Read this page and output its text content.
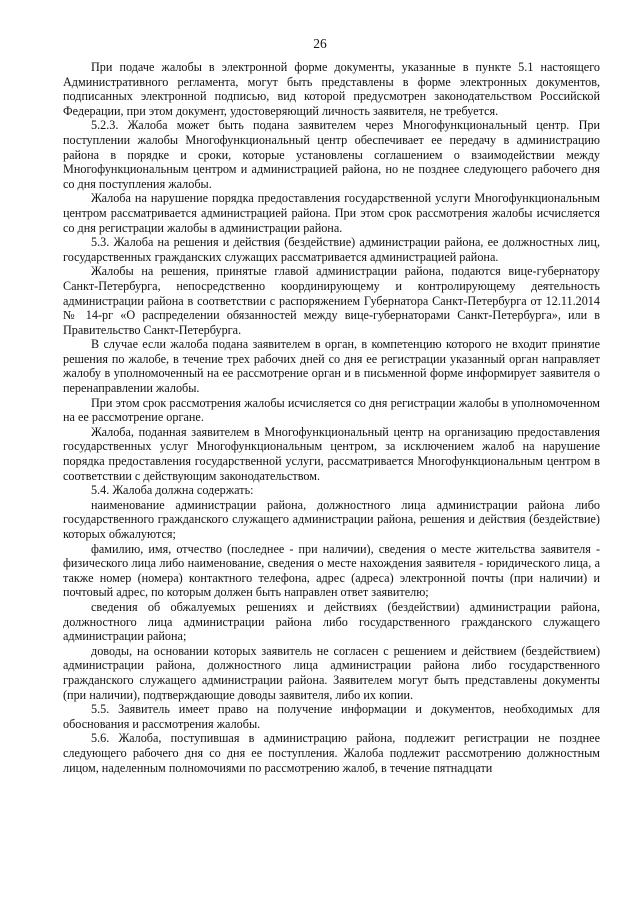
26

При подаче жалобы в электронной форме документы, указанные в пункте 5.1 настоящего Административного регламента, могут быть представлены в форме электронных документов, подписанных электронной подписью, вид которой предусмотрен законодательством Российской Федерации, при этом документ, удостоверяющий личность заявителя, не требуется.

5.2.3. Жалоба может быть подана заявителем через Многофункциональный центр. При поступлении жалобы Многофункциональный центр обеспечивает ее передачу в администрацию района в порядке и сроки, которые установлены соглашением о взаимодействии между Многофункциональным центром и администрацией района, но не позднее следующего рабочего дня со дня поступления жалобы.

Жалоба на нарушение порядка предоставления государственной услуги Многофункциональным центром рассматривается администрацией района. При этом срок рассмотрения жалобы исчисляется со дня регистрации жалобы в администрации района.

5.3. Жалоба на решения и действия (бездействие) администрации района, ее должностных лиц, государственных гражданских служащих рассматривается администрацией района.

Жалобы на решения, принятые главой администрации района, подаются вице-губернатору Санкт-Петербурга, непосредственно координирующему и контролирующему деятельность администрации района в соответствии с распоряжением Губернатора Санкт-Петербурга от 12.11.2014 № 14-рг «О распределении обязанностей между вице-губернаторами Санкт-Петербурга», или в Правительство Санкт-Петербурга.

В случае если жалоба подана заявителем в орган, в компетенцию которого не входит принятие решения по жалобе, в течение трех рабочих дней со дня ее регистрации указанный орган направляет жалобу в уполномоченный на ее рассмотрение орган и в письменной форме информирует заявителя о перенаправлении жалобы.

При этом срок рассмотрения жалобы исчисляется со дня регистрации жалобы в уполномоченном на ее рассмотрение органе.

Жалоба, поданная заявителем в Многофункциональный центр на организацию предоставления государственных услуг Многофункциональным центром, за исключением жалоб на нарушение порядка предоставления государственной услуги, рассматривается Многофункциональным центром в соответствии с действующим законодательством.

5.4. Жалоба должна содержать:

наименование администрации района, должностного лица администрации района либо государственного гражданского служащего администрации района, решения и действия (бездействие) которых обжалуются;

фамилию, имя, отчество (последнее - при наличии), сведения о месте жительства заявителя - физического лица либо наименование, сведения о месте нахождения заявителя - юридического лица, а также номер (номера) контактного телефона, адрес (адреса) электронной почты (при наличии) и почтовый адрес, по которым должен быть направлен ответ заявителю;

сведения об обжалуемых решениях и действиях (бездействии) администрации района, должностного лица администрации района либо государственного гражданского служащего администрации района;

доводы, на основании которых заявитель не согласен с решением и действием (бездействием) администрации района, должностного лица администрации района либо государственного гражданского служащего администрации района. Заявителем могут быть представлены документы (при наличии), подтверждающие доводы заявителя, либо их копии.

5.5. Заявитель имеет право на получение информации и документов, необходимых для обоснования и рассмотрения жалобы.

5.6. Жалоба, поступившая в администрацию района, подлежит регистрации не позднее следующего рабочего дня со дня ее поступления. Жалоба подлежит рассмотрению должностным лицом, наделенным полномочиями по рассмотрению жалоб, в течение пятнадцати
